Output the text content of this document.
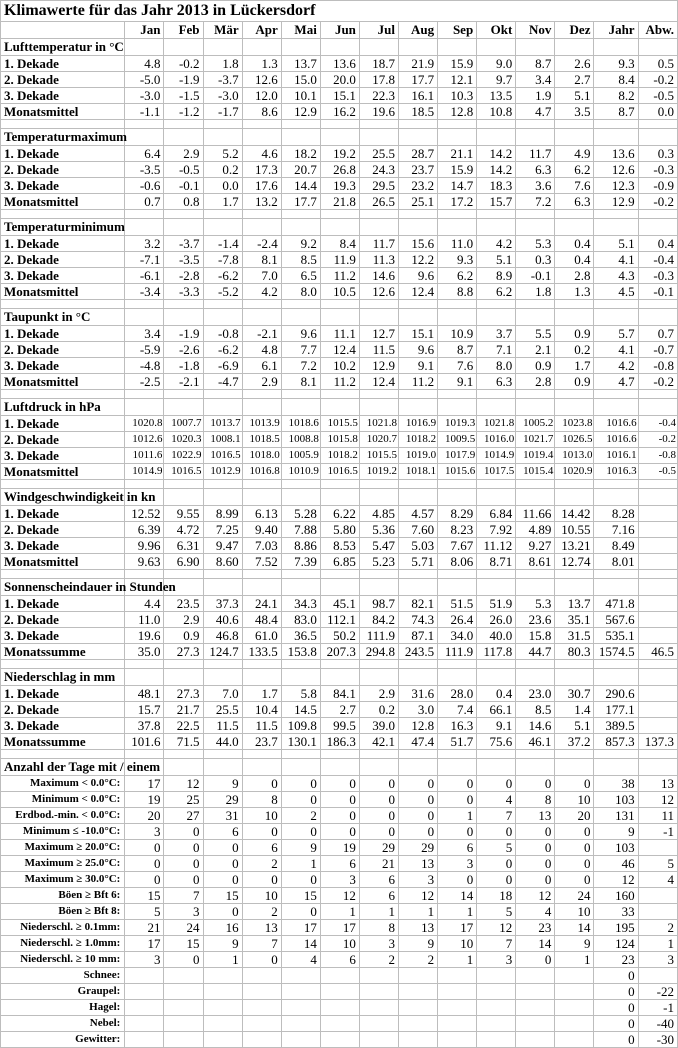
Klimawerte für das Jahr 2013 in Lückersdorf														
	Jan	Feb	Mär	Apr	Mai	Jun	Jul	Aug	Sep	Okt	Nov	Dez	Jahr	Abw.
Lufttemperatur in °C														
1. Dekade	4.8	-0.2	1.8	1.3	13.7	13.6	18.7	21.9	15.9	9.0	8.7	2.6	9.3	0.5
2. Dekade	-5.0	-1.9	-3.7	12.6	15.0	20.0	17.8	17.7	12.1	9.7	3.4	2.7	8.4	-0.2
3. Dekade	-3.0	-1.5	-3.0	12.0	10.1	15.1	22.3	16.1	10.3	13.5	1.9	5.1	8.2	-0.5
Monatsmittel	-1.1	-1.2	-1.7	8.6	12.9	16.2	19.6	18.5	12.8	10.8	4.7	3.5	8.7	0.0

Temperaturmaximum														
1. Dekade	6.4	2.9	5.2	4.6	18.2	19.2	25.5	28.7	21.1	14.2	11.7	4.9	13.6	0.3
2. Dekade	-3.5	-0.5	0.2	17.3	20.7	26.8	24.3	23.7	15.9	14.2	6.3	6.2	12.6	-0.3
3. Dekade	-0.6	-0.1	0.0	17.6	14.4	19.3	29.5	23.2	14.7	18.3	3.6	7.6	12.3	-0.9
Monatsmittel	0.7	0.8	1.7	13.2	17.7	21.8	26.5	25.1	17.2	15.7	7.2	6.3	12.9	-0.2

Temperaturminimum														
1. Dekade	3.2	-3.7	-1.4	-2.4	9.2	8.4	11.7	15.6	11.0	4.2	5.3	0.4	5.1	0.4
2. Dekade	-7.1	-3.5	-7.8	8.1	8.5	11.9	11.3	12.2	9.3	5.1	0.3	0.4	4.1	-0.4
3. Dekade	-6.1	-2.8	-6.2	7.0	6.5	11.2	14.6	9.6	6.2	8.9	-0.1	2.8	4.3	-0.3
Monatsmittel	-3.4	-3.3	-5.2	4.2	8.0	10.5	12.6	12.4	8.8	6.2	1.8	1.3	4.5	-0.1

Taupunkt in °C														
1. Dekade	3.4	-1.9	-0.8	-2.1	9.6	11.1	12.7	15.1	10.9	3.7	5.5	0.9	5.7	0.7
2. Dekade	-5.9	-2.6	-6.2	4.8	7.7	12.4	11.5	9.6	8.7	7.1	2.1	0.2	4.1	-0.7
3. Dekade	-4.8	-1.8	-6.9	6.1	7.2	10.2	12.9	9.1	7.6	8.0	0.9	1.7	4.2	-0.8
Monatsmittel	-2.5	-2.1	-4.7	2.9	8.1	11.2	12.4	11.2	9.1	6.3	2.8	0.9	4.7	-0.2

Luftdruck in hPa														
1. Dekade	1020.8	1007.7	1013.7	1013.9	1018.6	1015.5	1021.8	1016.9	1019.3	1021.8	1005.2	1023.8	1016.6	-0.4
2. Dekade	1012.6	1020.3	1008.1	1018.5	1008.8	1015.8	1020.7	1018.2	1009.5	1016.0	1021.7	1026.5	1016.6	-0.2
3. Dekade	1011.6	1022.9	1016.5	1018.0	1005.9	1018.2	1015.5	1019.0	1017.9	1014.9	1019.4	1013.0	1016.1	-0.8
Monatsmittel	1014.9	1016.5	1012.9	1016.8	1010.9	1016.5	1019.2	1018.1	1015.6	1017.5	1015.4	1020.9	1016.3	-0.5

Windgeschwindigkeit in kn														
1. Dekade	12.52	9.55	8.99	6.13	5.28	6.22	4.85	4.57	8.29	6.84	11.66	14.42	8.28	
2. Dekade	6.39	4.72	7.25	9.40	7.88	5.80	5.36	7.60	8.23	7.92	4.89	10.55	7.16	
3. Dekade	9.96	6.31	9.47	7.03	8.86	8.53	5.47	5.03	7.67	11.12	9.27	13.21	8.49	
Monatsmittel	9.63	6.90	8.60	7.52	7.39	6.85	5.23	5.71	8.06	8.71	8.61	12.74	8.01	

Sonnenscheindauer in Stunden														
1. Dekade	4.4	23.5	37.3	24.1	34.3	45.1	98.7	82.1	51.5	51.9	5.3	13.7	471.8	
2. Dekade	11.0	2.9	40.6	48.4	83.0	112.1	84.2	74.3	26.4	26.0	23.6	35.1	567.6	
3. Dekade	19.6	0.9	46.8	61.0	36.5	50.2	111.9	87.1	34.0	40.0	15.8	31.5	535.1	
Monatssumme	35.0	27.3	124.7	133.5	153.8	207.3	294.8	243.5	111.9	117.8	44.7	80.3	1574.5	46.5

Niederschlag in mm														
1. Dekade	48.1	27.3	7.0	1.7	5.8	84.1	2.9	31.6	28.0	0.4	23.0	30.7	290.6	
2. Dekade	15.7	21.7	25.5	10.4	14.5	2.7	0.2	3.0	7.4	66.1	8.5	1.4	177.1	
3. Dekade	37.8	22.5	11.5	11.5	109.8	99.5	39.0	12.8	16.3	9.1	14.6	5.1	389.5	
Monatssumme	101.6	71.5	44.0	23.7	130.1	186.3	42.1	47.4	51.7	75.6	46.1	37.2	857.3	137.3

Anzahl der Tage mit / einem														
Maximum < 0.0°C:	17	12	9	0	0	0	0	0	0	0	0	0	38	13
Minimum < 0.0°C:	19	25	29	8	0	0	0	0	0	4	8	10	103	12
Erdbod.-min. < 0.0°C:	20	27	31	10	2	0	0	0	1	7	13	20	131	11
Minimum ≤ -10.0°C:	3	0	6	0	0	0	0	0	0	0	0	0	9	-1
Maximum ≥ 20.0°C:	0	0	0	6	9	19	29	29	6	5	0	0	103	
Maximum ≥ 25.0°C:	0	0	0	2	1	6	21	13	3	0	0	0	46	5
Maximum ≥ 30.0°C:	0	0	0	0	0	3	6	3	0	0	0	0	12	4
Böen ≥ Bft 6:	15	7	15	10	15	12	6	12	14	18	12	24	160	
Böen ≥ Bft 8:	5	3	0	2	0	1	1	1	1	5	4	10	33	
Niederschl. ≥ 0.1mm:	21	24	16	13	17	17	8	13	17	12	23	14	195	2
Niederschl. ≥ 1.0mm:	17	15	9	7	14	10	3	9	10	7	14	9	124	1
Niederschl. ≥ 10 mm:	3	0	1	0	4	6	2	2	1	3	0	1	23	3
Schnee:													0	
Graupel:													0	-22
Hagel:													0	-1
Nebel:													0	-40
Gewitter:													0	-30
